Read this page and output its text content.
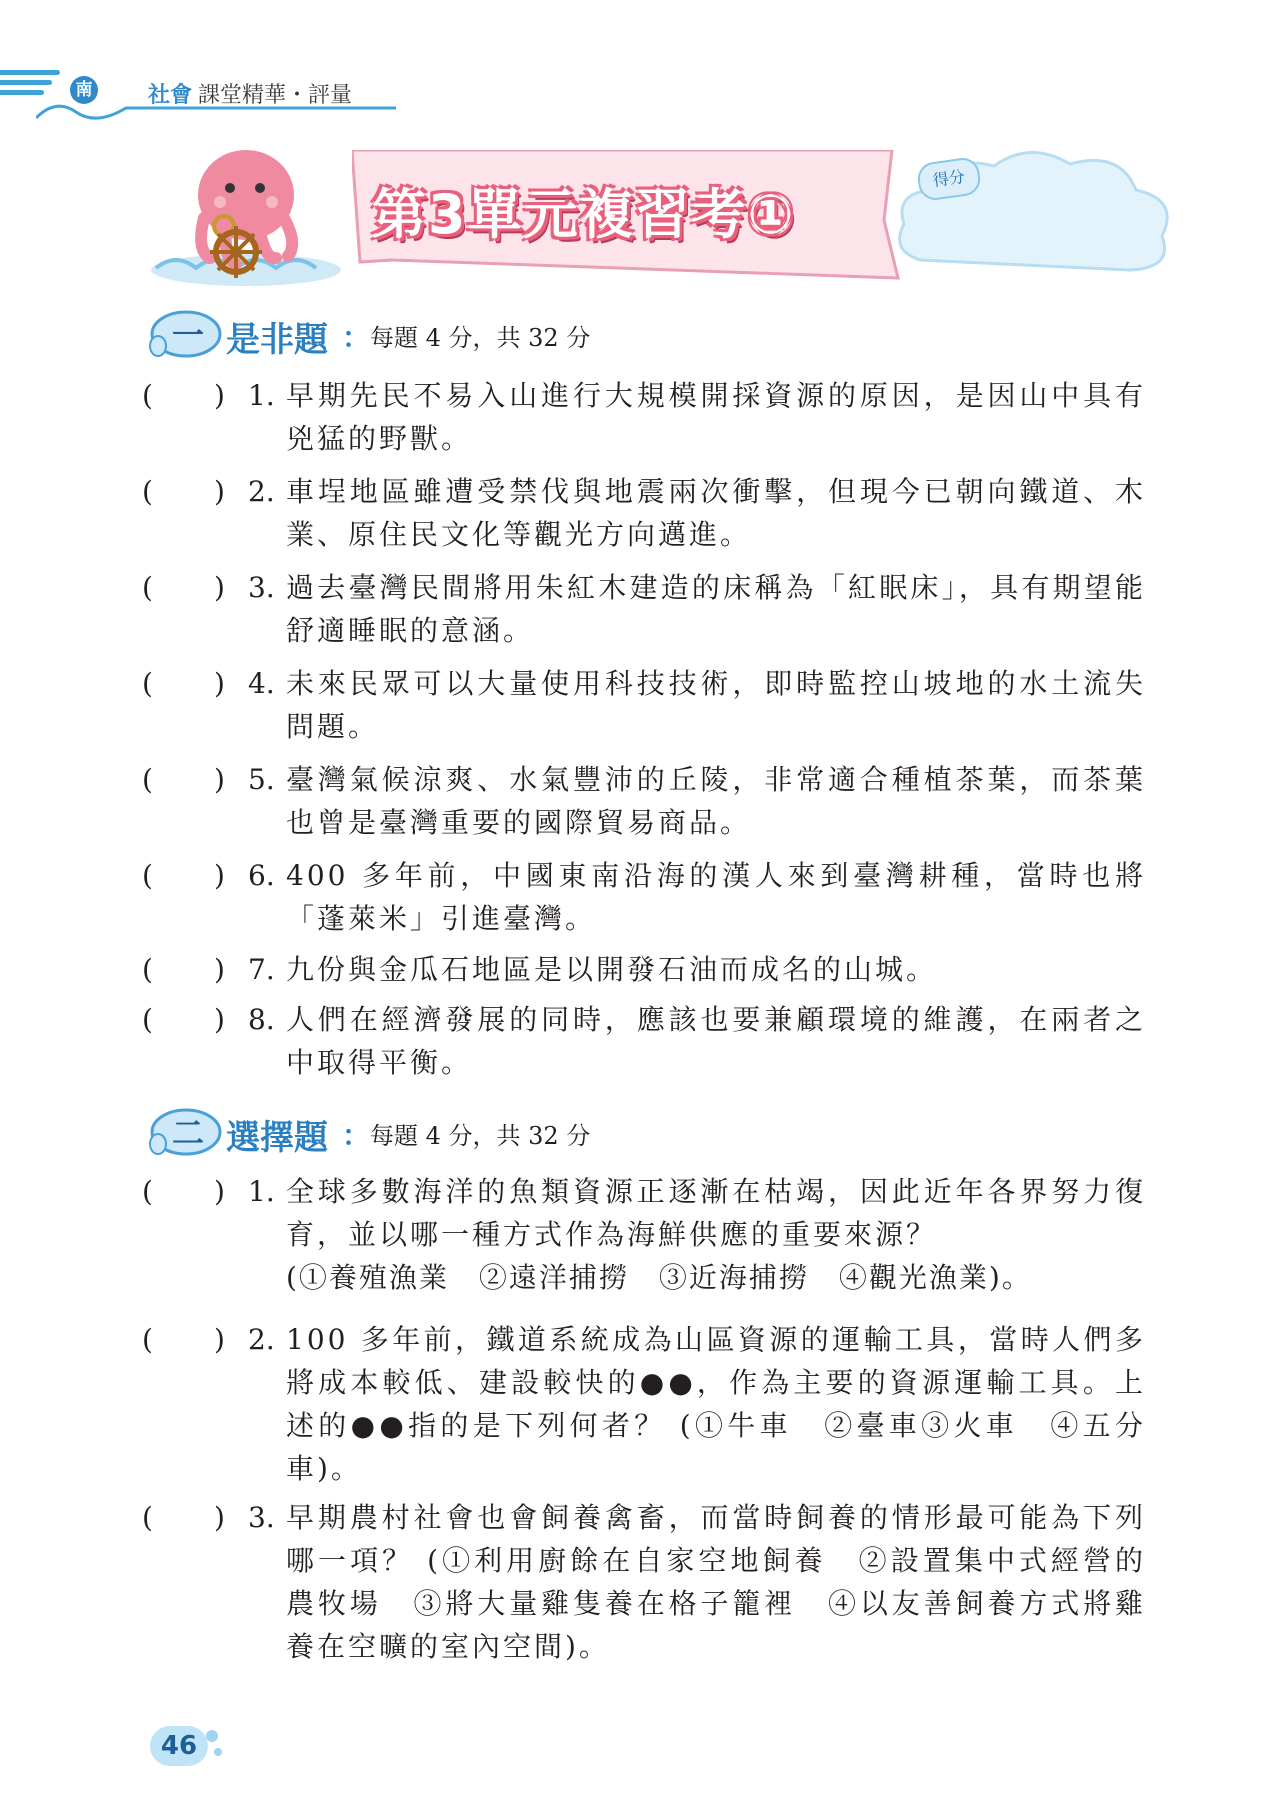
南	社會 課堂精華・評量
第3單元複習考①
得分
一 是非題 ： 每題 4 分，共 32 分
( ) 1. 早期先民不易入山進行大規模開採資源的原因，是因山中具有兇猛的野獸。
( ) 2. 車埕地區雖遭受禁伐與地震兩次衝擊，但現今已朝向鐵道、木業、原住民文化等觀光方向邁進。
( ) 3. 過去臺灣民間將用朱紅木建造的床稱為「紅眠床」，具有期望能舒適睡眠的意涵。
( ) 4. 未來民眾可以大量使用科技技術，即時監控山坡地的水土流失問題。
( ) 5. 臺灣氣候涼爽、水氣豐沛的丘陵，非常適合種植茶葉，而茶葉也曾是臺灣重要的國際貿易商品。
( ) 6. 400 多年前，中國東南沿海的漢人來到臺灣耕種，當時也將「蓬萊米」引進臺灣。
( ) 7. 九份與金瓜石地區是以開發石油而成名的山城。
( ) 8. 人們在經濟發展的同時，應該也要兼顧環境的維護，在兩者之中取得平衡。
二 選擇題 ： 每題 4 分，共 32 分
( ) 1. 全球多數海洋的魚類資源正逐漸在枯竭，因此近年各界努力復育，並以哪一種方式作為海鮮供應的重要來源？
(①養殖漁業　②遠洋捕撈　③近海捕撈　④觀光漁業)。
( ) 2. 100 多年前，鐵道系統成為山區資源的運輸工具，當時人們多將成本較低、建設較快的●●，作為主要的資源運輸工具。上述的●●指的是下列何者？ (①牛車　②臺車③火車　④五分車)。
( ) 3. 早期農村社會也會飼養禽畜，而當時飼養的情形最可能為下列哪一項？ (①利用廚餘在自家空地飼養　②設置集中式經營的農牧場　③將大量雞隻養在格子籠裡　④以友善飼養方式將雞養在空曠的室內空間)。
46
